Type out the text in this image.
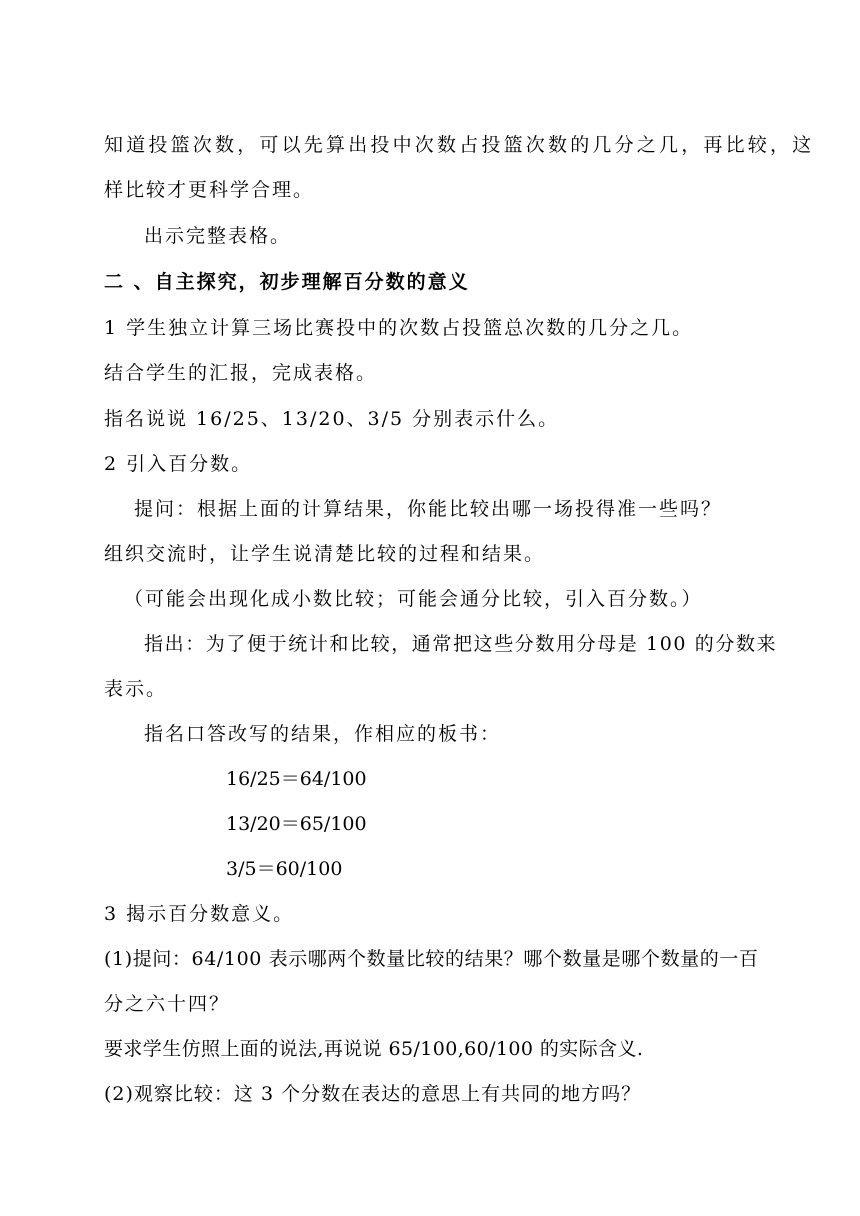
知道投篮次数，可以先算出投中次数占投篮次数的几分之几，再比较，这
样比较才更科学合理。
出示完整表格。
二 、自主探究，初步理解百分数的意义
1 学生独立计算三场比赛投中的次数占投篮总次数的几分之几。
结合学生的汇报，完成表格。
指名说说 16/25、13/20、3/5 分别表示什么。
2 引入百分数。
提问：根据上面的计算结果，你能比较出哪一场投得准一些吗？
组织交流时，让学生说清楚比较的过程和结果。
（可能会出现化成小数比较；可能会通分比较，引入百分数。）
指出：为了便于统计和比较，通常把这些分数用分母是 100 的分数来
表示。
指名口答改写的结果，作相应的板书：
16/25＝64/100
13/20＝65/100
3/5＝60/100
3 揭示百分数意义。
(1)提问：64/100 表示哪两个数量比较的结果？哪个数量是哪个数量的一百
分之六十四？
要求学生仿照上面的说法,再说说 65/100,60/100 的实际含义.
(2)观察比较：这 3 个分数在表达的意思上有共同的地方吗？
